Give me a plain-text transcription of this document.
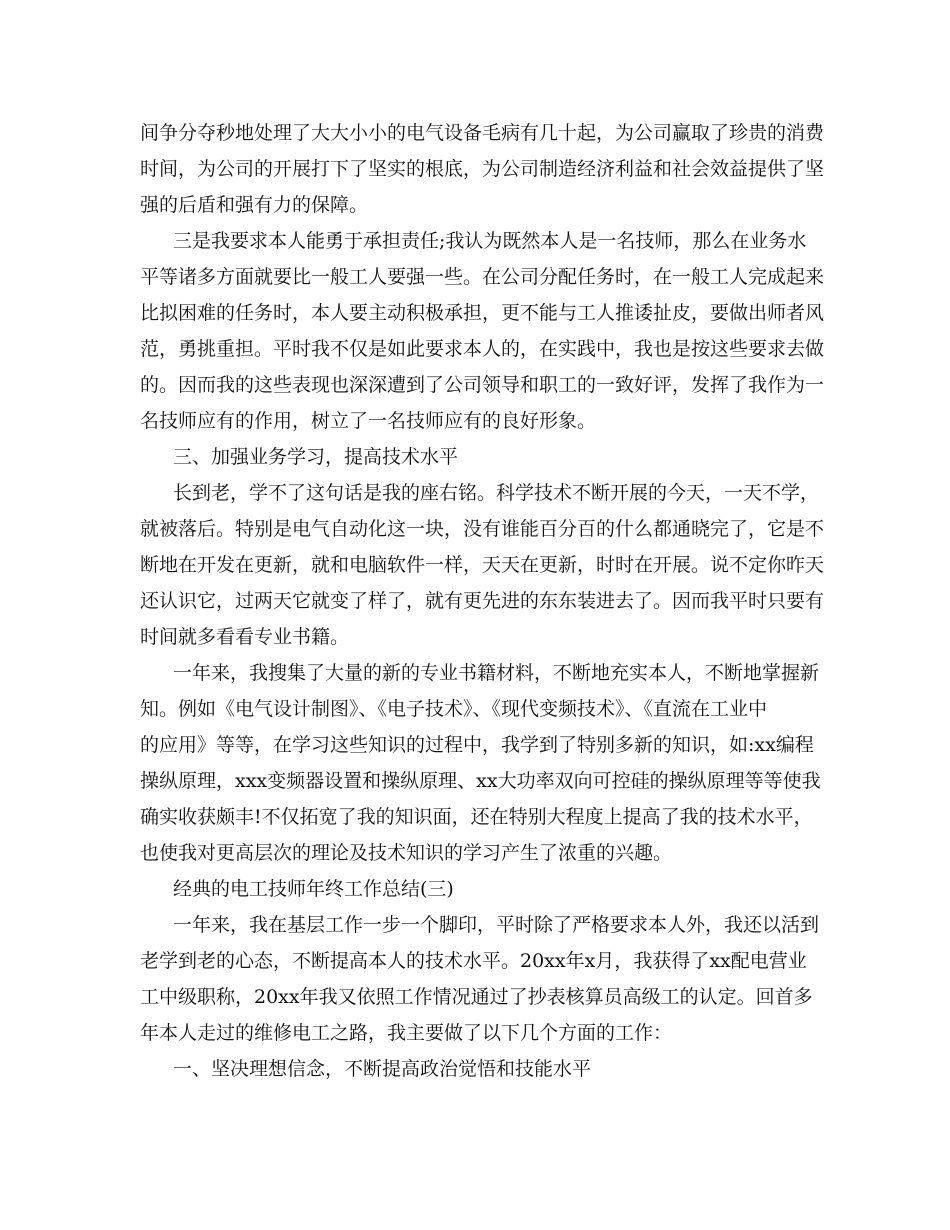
间争分夺秒地处理了大大小小的电气设备毛病有几十起，为公司赢取了珍贵的消费
时间，为公司的开展打下了坚实的根底，为公司制造经济利益和社会效益提供了坚
强的后盾和强有力的保障。
三是我要求本人能勇于承担责任;我认为既然本人是一名技师，那么在业务水
平等诸多方面就要比一般工人要强一些。在公司分配任务时，在一般工人完成起来
比拟困难的任务时，本人要主动积极承担，更不能与工人推诿扯皮，要做出师者风
范，勇挑重担。平时我不仅是如此要求本人的，在实践中，我也是按这些要求去做
的。因而我的这些表现也深深遭到了公司领导和职工的一致好评，发挥了我作为一
名技师应有的作用，树立了一名技师应有的良好形象。
三、加强业务学习，提高技术水平
长到老，学不了这句话是我的座右铭。科学技术不断开展的今天，一天不学，
就被落后。特别是电气自动化这一块，没有谁能百分百的什么都通晓完了，它是不
断地在开发在更新，就和电脑软件一样，天天在更新，时时在开展。说不定你昨天
还认识它，过两天它就变了样了，就有更先进的东东装进去了。因而我平时只要有
时间就多看看专业书籍。
一年来，我搜集了大量的新的专业书籍材料，不断地充实本人，不断地掌握新
知。例如《电气设计制图》、《电子技术》、《现代变频技术》、《直流在工业中
的应用》等等，在学习这些知识的过程中，我学到了特别多新的知识，如:xx编程
操纵原理，xxx变频器设置和操纵原理、xx大功率双向可控硅的操纵原理等等使我
确实收获颇丰!不仅拓宽了我的知识面，还在特别大程度上提高了我的技术水平，
也使我对更高层次的理论及技术知识的学习产生了浓重的兴趣。
经典的电工技师年终工作总结(三)
一年来，我在基层工作一步一个脚印，平时除了严格要求本人外，我还以活到
老学到老的心态，不断提高本人的技术水平。20xx年x月，我获得了xx配电营业
工中级职称，20xx年我又依照工作情况通过了抄表核算员高级工的认定。回首多
年本人走过的维修电工之路，我主要做了以下几个方面的工作：
一、坚决理想信念，不断提高政治觉悟和技能水平
